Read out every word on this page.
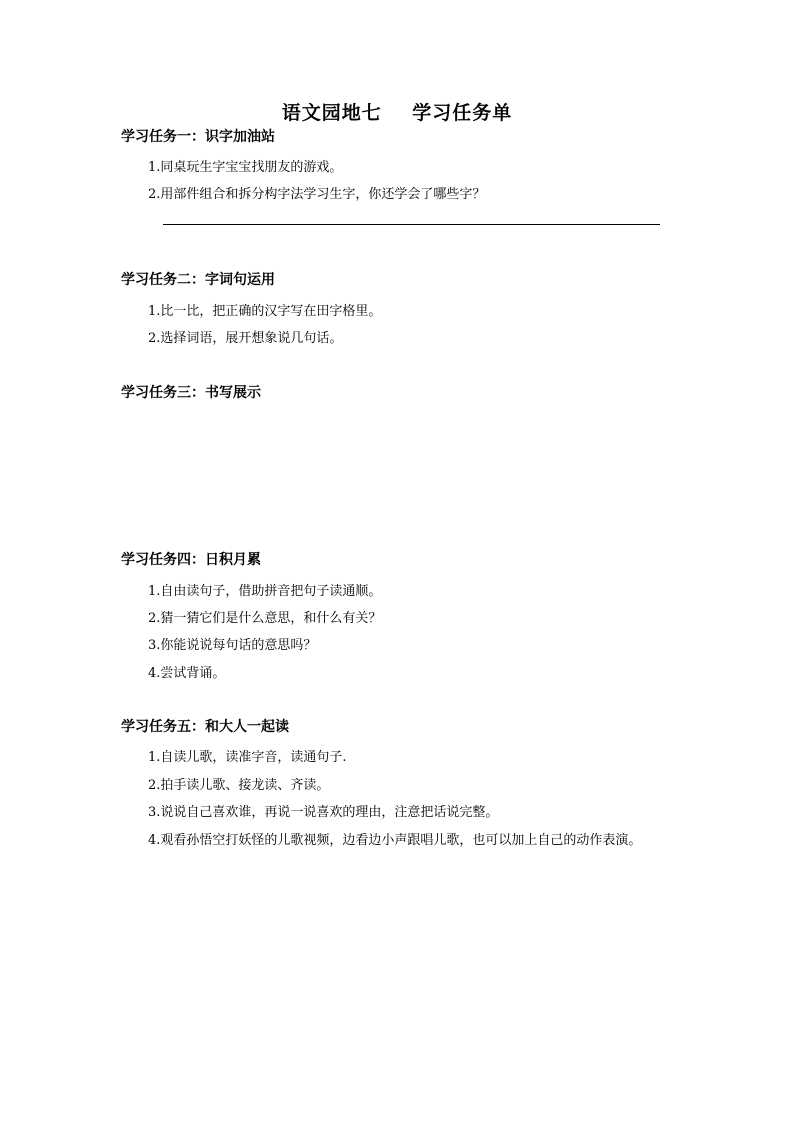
语文园地七    学习任务单
学习任务一：识字加油站
1.同桌玩生字宝宝找朋友的游戏。
2.用部件组合和拆分构字法学习生字，你还学会了哪些字？
学习任务二：字词句运用
1.比一比，把正确的汉字写在田字格里。
2.选择词语，展开想象说几句话。
学习任务三：书写展示
学习任务四：日积月累
1.自由读句子，借助拼音把句子读通顺。
2.猜一猜它们是什么意思，和什么有关？
3.你能说说每句话的意思吗？
4.尝试背诵。
学习任务五：和大人一起读
1.自读儿歌，读准字音，读通句子.
2.拍手读儿歌、接龙读、齐读。
3.说说自己喜欢谁，再说一说喜欢的理由，注意把话说完整。
4.观看孙悟空打妖怪的儿歌视频，边看边小声跟唱儿歌，也可以加上自己的动作表演。
